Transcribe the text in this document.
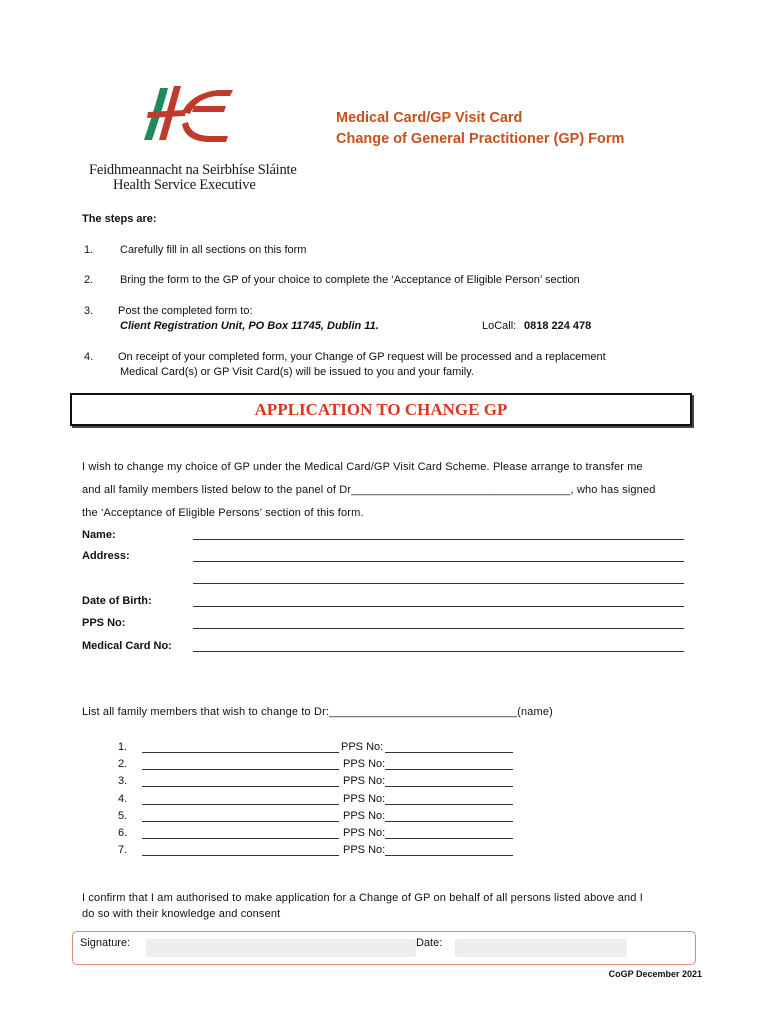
Feidhmeannacht na Seirbhíse Sláinte
Health Service Executive
Medical Card/GP Visit Card
Change of General Practitioner (GP) Form
The steps are:
1. Carefully fill in all sections on this form
2. Bring the form to the GP of your choice to complete the ‘Acceptance of Eligible Person’ section
3. Post the completed form to:
Client Registration Unit, PO Box 11745, Dublin 11.	LoCall: 0818 224 478
4. On receipt of your completed form, your Change of GP request will be processed and a replacement
Medical Card(s) or GP Visit Card(s) will be issued to you and your family.
APPLICATION TO CHANGE GP
I wish to change my choice of GP under the Medical Card/GP Visit Card Scheme. Please arrange to transfer me
and all family members listed below to the panel of Dr___________________________________, who has signed
the ‘Acceptance of Eligible Persons’ section of this form.
Name:
Address:
Date of Birth:
PPS No:
Medical Card No:
List all family members that wish to change to Dr:______________________________(name)
1.	PPS No:
2.	PPS No:
3.	PPS No:
4.	PPS No:
5.	PPS No:
6.	PPS No:
7.	PPS No:
I confirm that I am authorised to make application for a Change of GP on behalf of all persons listed above and I
do so with their knowledge and consent
Signature:	Date:
CoGP December 2021
